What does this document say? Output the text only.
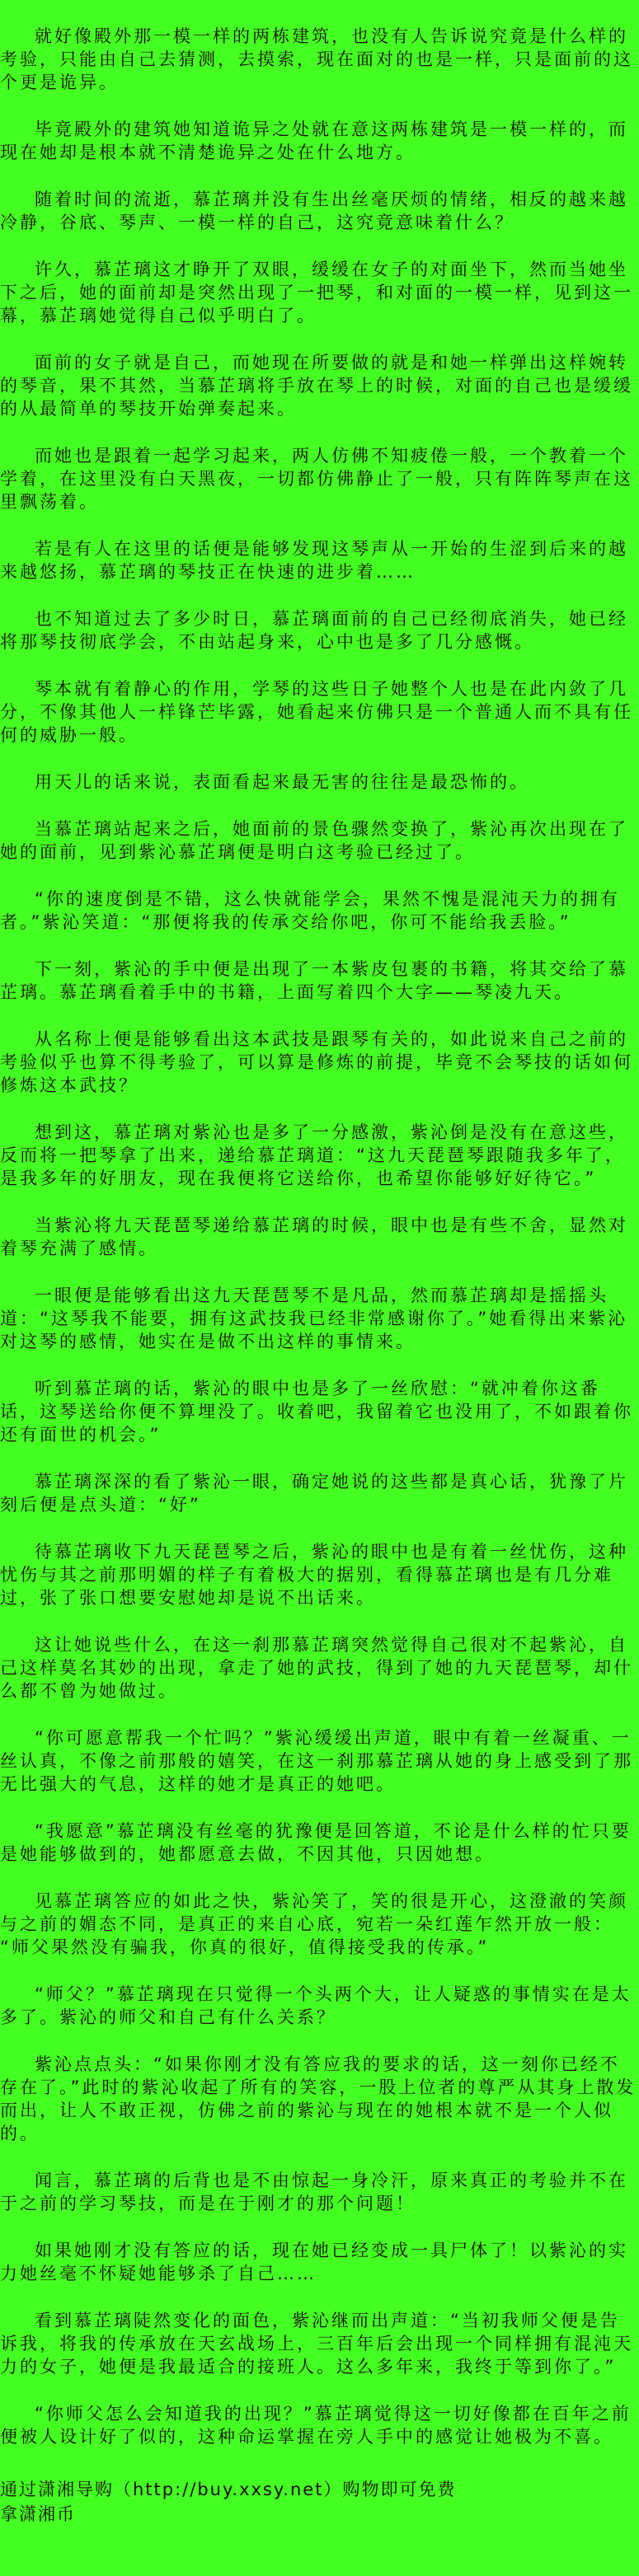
就好像殿外那一模一样的两栋建筑，也没有人告诉说究竟是什么样的考验，只能由自己去猜测，去摸索，现在面对的也是一样，只是面前的这个更是诡异。

毕竟殿外的建筑她知道诡异之处就在意这两栋建筑是一模一样的，而现在她却是根本就不清楚诡异之处在什么地方。

随着时间的流逝，慕芷璃并没有生出丝毫厌烦的情绪，相反的越来越冷静，谷底、琴声、一模一样的自己，这究竟意味着什么？

许久，慕芷璃这才睁开了双眼，缓缓在女子的对面坐下，然而当她坐下之后，她的面前却是突然出现了一把琴，和对面的一模一样，见到这一幕，慕芷璃她觉得自己似乎明白了。

面前的女子就是自己，而她现在所要做的就是和她一样弹出这样婉转的琴音，果不其然，当慕芷璃将手放在琴上的时候，对面的自己也是缓缓的从最简单的琴技开始弹奏起来。

而她也是跟着一起学习起来，两人仿佛不知疲倦一般，一个教着一个学着，在这里没有白天黑夜，一切都仿佛静止了一般，只有阵阵琴声在这里飘荡着。

若是有人在这里的话便是能够发现这琴声从一开始的生涩到后来的越来越悠扬，慕芷璃的琴技正在快速的进步着……

也不知道过去了多少时日，慕芷璃面前的自己已经彻底消失，她已经将那琴技彻底学会，不由站起身来，心中也是多了几分感慨。

琴本就有着静心的作用，学琴的这些日子她整个人也是在此内敛了几分，不像其他人一样锋芒毕露，她看起来仿佛只是一个普通人而不具有任何的威胁一般。

用天儿的话来说，表面看起来最无害的往往是最恐怖的。

当慕芷璃站起来之后，她面前的景色骤然变换了，紫沁再次出现在了她的面前，见到紫沁慕芷璃便是明白这考验已经过了。

“你的速度倒是不错，这么快就能学会，果然不愧是混沌天力的拥有者。”紫沁笑道：“那便将我的传承交给你吧，你可不能给我丢脸。”

下一刻，紫沁的手中便是出现了一本紫皮包裹的书籍，将其交给了慕芷璃。慕芷璃看着手中的书籍，上面写着四个大字——琴凌九天。

从名称上便是能够看出这本武技是跟琴有关的，如此说来自己之前的考验似乎也算不得考验了，可以算是修炼的前提，毕竟不会琴技的话如何修炼这本武技？

想到这，慕芷璃对紫沁也是多了一分感激，紫沁倒是没有在意这些，反而将一把琴拿了出来，递给慕芷璃道：“这九天琵琶琴跟随我多年了，是我多年的好朋友，现在我便将它送给你，也希望你能够好好待它。”

当紫沁将九天琵琶琴递给慕芷璃的时候，眼中也是有些不舍，显然对着琴充满了感情。

一眼便是能够看出这九天琵琶琴不是凡品，然而慕芷璃却是摇摇头道：“这琴我不能要，拥有这武技我已经非常感谢你了。”她看得出来紫沁对这琴的感情，她实在是做不出这样的事情来。

听到慕芷璃的话，紫沁的眼中也是多了一丝欣慰：“就冲着你这番话，这琴送给你便不算埋没了。收着吧，我留着它也没用了，不如跟着你还有面世的机会。”

慕芷璃深深的看了紫沁一眼，确定她说的这些都是真心话，犹豫了片刻后便是点头道：“好”

待慕芷璃收下九天琵琶琴之后，紫沁的眼中也是有着一丝忧伤，这种忧伤与其之前那明媚的样子有着极大的据别，看得慕芷璃也是有几分难过，张了张口想要安慰她却是说不出话来。

这让她说些什么，在这一刹那慕芷璃突然觉得自己很对不起紫沁，自己这样莫名其妙的出现，拿走了她的武技，得到了她的九天琵琶琴，却什么都不曾为她做过。

“你可愿意帮我一个忙吗？”紫沁缓缓出声道，眼中有着一丝凝重、一丝认真，不像之前那般的嬉笑，在这一刹那慕芷璃从她的身上感受到了那无比强大的气息，这样的她才是真正的她吧。

“我愿意”慕芷璃没有丝毫的犹豫便是回答道，不论是什么样的忙只要是她能够做到的，她都愿意去做，不因其他，只因她想。

见慕芷璃答应的如此之快，紫沁笑了，笑的很是开心，这澄澈的笑颜与之前的媚态不同，是真正的来自心底，宛若一朵红莲乍然开放一般：“师父果然没有骗我，你真的很好，值得接受我的传承。”

“师父？”慕芷璃现在只觉得一个头两个大，让人疑惑的事情实在是太多了。紫沁的师父和自己有什么关系？

紫沁点点头：“如果你刚才没有答应我的要求的话，这一刻你已经不存在了。”此时的紫沁收起了所有的笑容，一股上位者的尊严从其身上散发而出，让人不敢正视，仿佛之前的紫沁与现在的她根本就不是一个人似的。

闻言，慕芷璃的后背也是不由惊起一身冷汗，原来真正的考验并不在于之前的学习琴技，而是在于刚才的那个问题！

如果她刚才没有答应的话，现在她已经变成一具尸体了！以紫沁的实力她丝毫不怀疑她能够杀了自己……

看到慕芷璃陡然变化的面色，紫沁继而出声道：“当初我师父便是告诉我，将我的传承放在天玄战场上，三百年后会出现一个同样拥有混沌天力的女子，她便是我最适合的接班人。这么多年来，我终于等到你了。”

“你师父怎么会知道我的出现？”慕芷璃觉得这一切好像都在百年之前便被人设计好了似的，这种命运掌握在旁人手中的感觉让她极为不喜。

通过潇湘导购（http://buy.xxsy.net）购物即可免费

拿潇湘币
